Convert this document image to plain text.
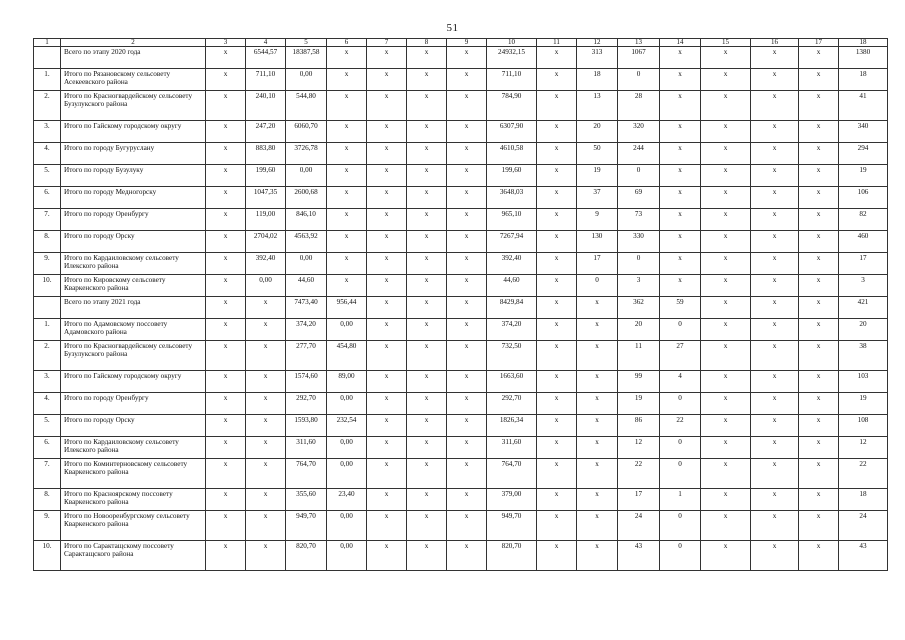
51
1	2	3	4	5	6	7	8	9	10	11	12	13	14	15	16	17	18
	Всего по этапу 2020 года	x	6544,57	18387,58	x	x	x	x	24932,15	x	313	1067	x	x	x	x	1380
1.	Итого по Рязановскому сельсовету Асекеевского района	x	711,10	0,00	x	x	x	x	711,10	x	18	0	x	x	x	x	18
2.	Итого по Красногвардейскому сельсовету Бузулукского района	x	240,10	544,80	x	x	x	x	784,90	x	13	28	x	x	x	x	41
3.	Итого по Гайскому городскому округу	x	247,20	6060,70	x	x	x	x	6307,90	x	20	320	x	x	x	x	340
4.	Итого по городу Бугуруслану	x	883,80	3726,78	x	x	x	x	4610,58	x	50	244	x	x	x	x	294
5.	Итого по городу Бузулуку	x	199,60	0,00	x	x	x	x	199,60	x	19	0	x	x	x	x	19
6.	Итого по городу Медногорску	x	1047,35	2600,68	x	x	x	x	3648,03	x	37	69	x	x	x	x	106
7.	Итого по городу Оренбургу	x	119,00	846,10	x	x	x	x	965,10	x	9	73	x	x	x	x	82
8.	Итого по городу Орску	x	2704,02	4563,92	x	x	x	x	7267,94	x	130	330	x	x	x	x	460
9.	Итого по Кардаиловскому сельсовету Илекского района	x	392,40	0,00	x	x	x	x	392,40	x	17	0	x	x	x	x	17
10.	Итого по Кировскому сельсовету Кваркенского района	x	0,00	44,60	x	x	x	x	44,60	x	0	3	x	x	x	x	3
	Всего по этапу 2021 года	x	x	7473,40	956,44	x	x	x	8429,84	x	x	362	59	x	x	x	421
1.	Итого по Адамовскому поссовету Адамовского района	x	x	374,20	0,00	x	x	x	374,20	x	x	20	0	x	x	x	20
2.	Итого по Красногвардейскому сельсовету Бузулукского района	x	x	277,70	454,80	x	x	x	732,50	x	x	11	27	x	x	x	38
3.	Итого по Гайскому городскому округу	x	x	1574,60	89,00	x	x	x	1663,60	x	x	99	4	x	x	x	103
4.	Итого по городу Оренбургу	x	x	292,70	0,00	x	x	x	292,70	x	x	19	0	x	x	x	19
5.	Итого по городу Орску	x	x	1593,80	232,54	x	x	x	1826,34	x	x	86	22	x	x	x	108
6.	Итого по Кардаиловскому сельсовету Илекского района	x	x	311,60	0,00	x	x	x	311,60	x	x	12	0	x	x	x	12
7.	Итого по Коминтерновскому сельсовету Кваркенского района	x	x	764,70	0,00	x	x	x	764,70	x	x	22	0	x	x	x	22
8.	Итого по Красноярскому поссовету Кваркенского района	x	x	355,60	23,40	x	x	x	379,00	x	x	17	1	x	x	x	18
9.	Итого по Новооренбургскому сельсовету Кваркенского района	x	x	949,70	0,00	x	x	x	949,70	x	x	24	0	x	x	x	24
10.	Итого по Сарактащскому поссовету Сарактащского района	x	x	820,70	0,00	x	x	x	820,70	x	x	43	0	x	x	x	43
